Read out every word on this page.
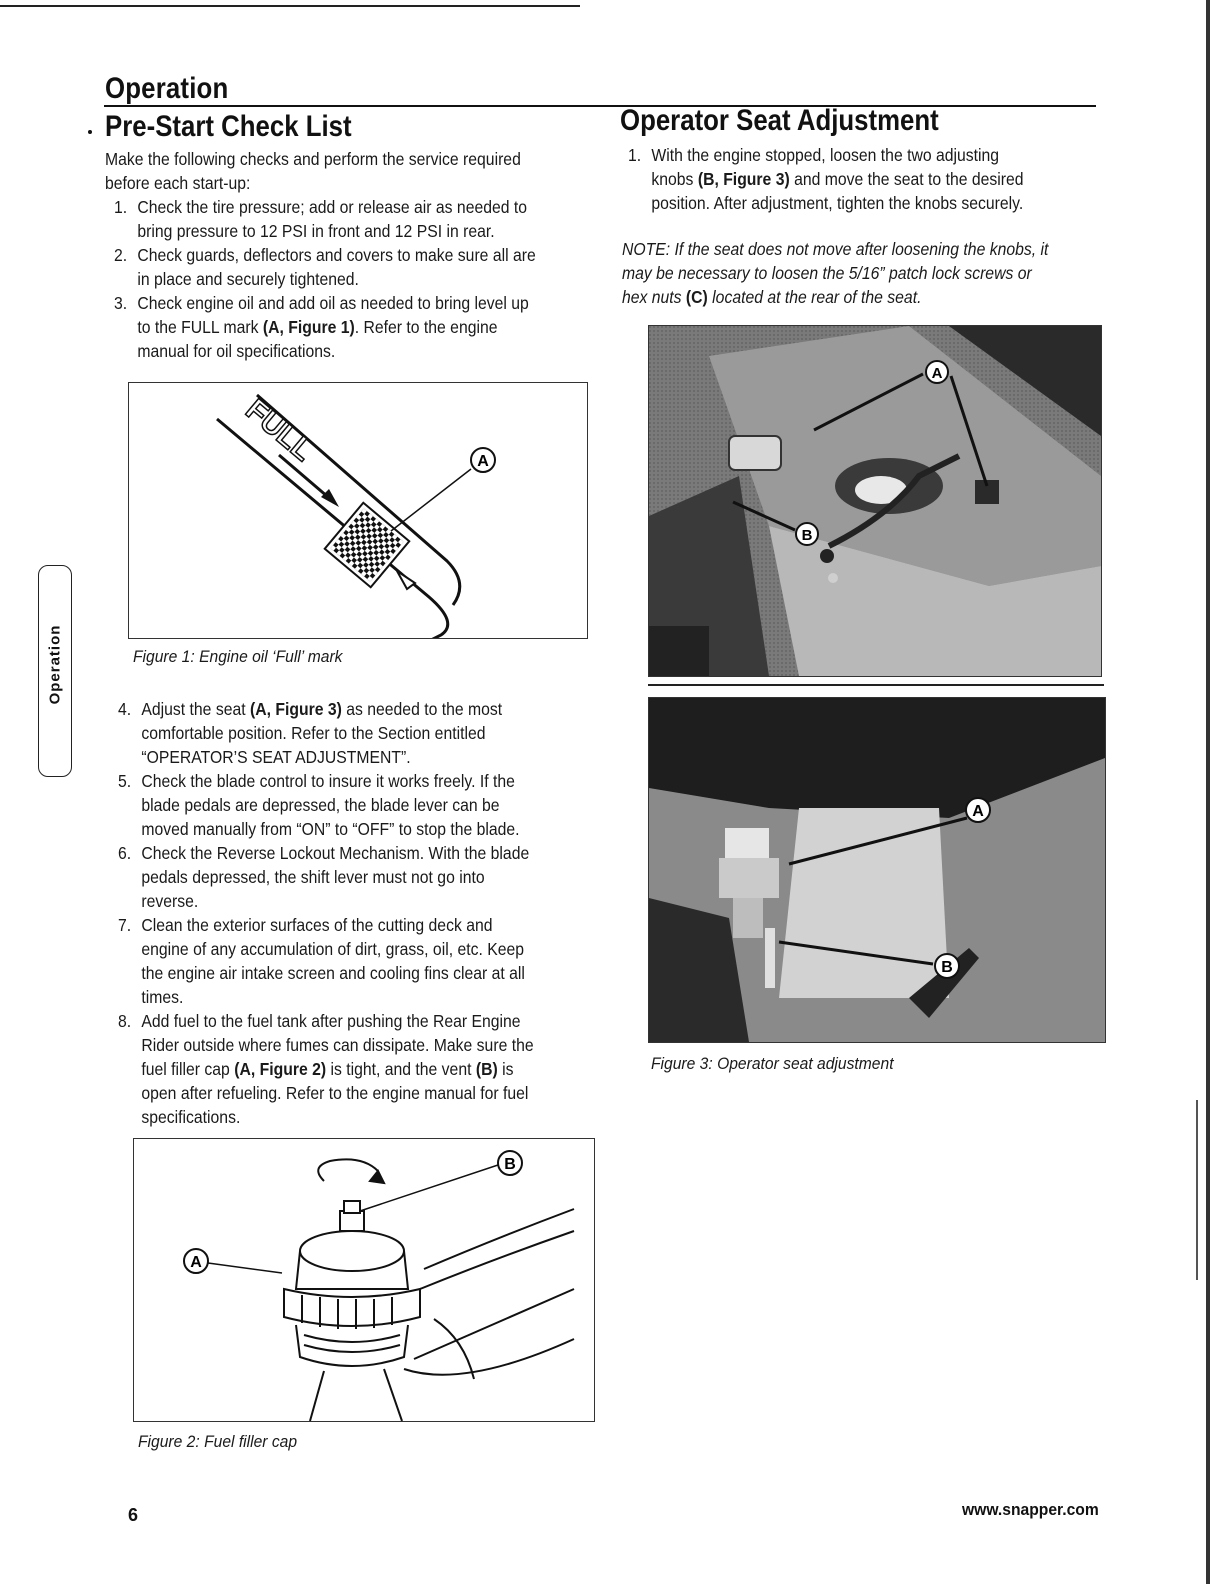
Operation
Pre-Start Check List	Operator Seat Adjustment
Make the following checks and perform the service required
before each start-up:
1. Check the tire pressure; add or release air as needed to
bring pressure to 12 PSI in front and 12 PSI in rear.
2. Check guards, deflectors and covers to make sure all are
in place and securely tightened.
3. Check engine oil and add oil as needed to bring level up
to the FULL mark (A, Figure 1). Refer to the engine
manual for oil specifications.
FULL	A
Figure 1: Engine oil ‘Full’ mark
4. Adjust the seat (A, Figure 3) as needed to the most
comfortable position. Refer to the Section entitled
“OPERATOR’S SEAT ADJUSTMENT”.
5. Check the blade control to insure it works freely. If the
blade pedals are depressed, the blade lever can be
moved manually from “ON” to “OFF” to stop the blade.
6. Check the Reverse Lockout Mechanism. With the blade
pedals depressed, the shift lever must not go into
reverse.
7. Clean the exterior surfaces of the cutting deck and
engine of any accumulation of dirt, grass, oil, etc. Keep
the engine air intake screen and cooling fins clear at all
times.
8. Add fuel to the fuel tank after pushing the Rear Engine
Rider outside where fumes can dissipate. Make sure the
fuel filler cap (A, Figure 2) is tight, and the vent (B) is
open after refueling. Refer to the engine manual for fuel
specifications.
B
A
Figure 2: Fuel filler cap
1. With the engine stopped, loosen the two adjusting
knobs (B, Figure 3) and move the seat to the desired
position. After adjustment, tighten the knobs securely.
NOTE: If the seat does not move after loosening the knobs, it
may be necessary to loosen the 5/16” patch lock screws or
hex nuts (C) located at the rear of the seat.
A
B
A
B
Figure 3: Operator seat adjustment
Operation
6	www.snapper.com
